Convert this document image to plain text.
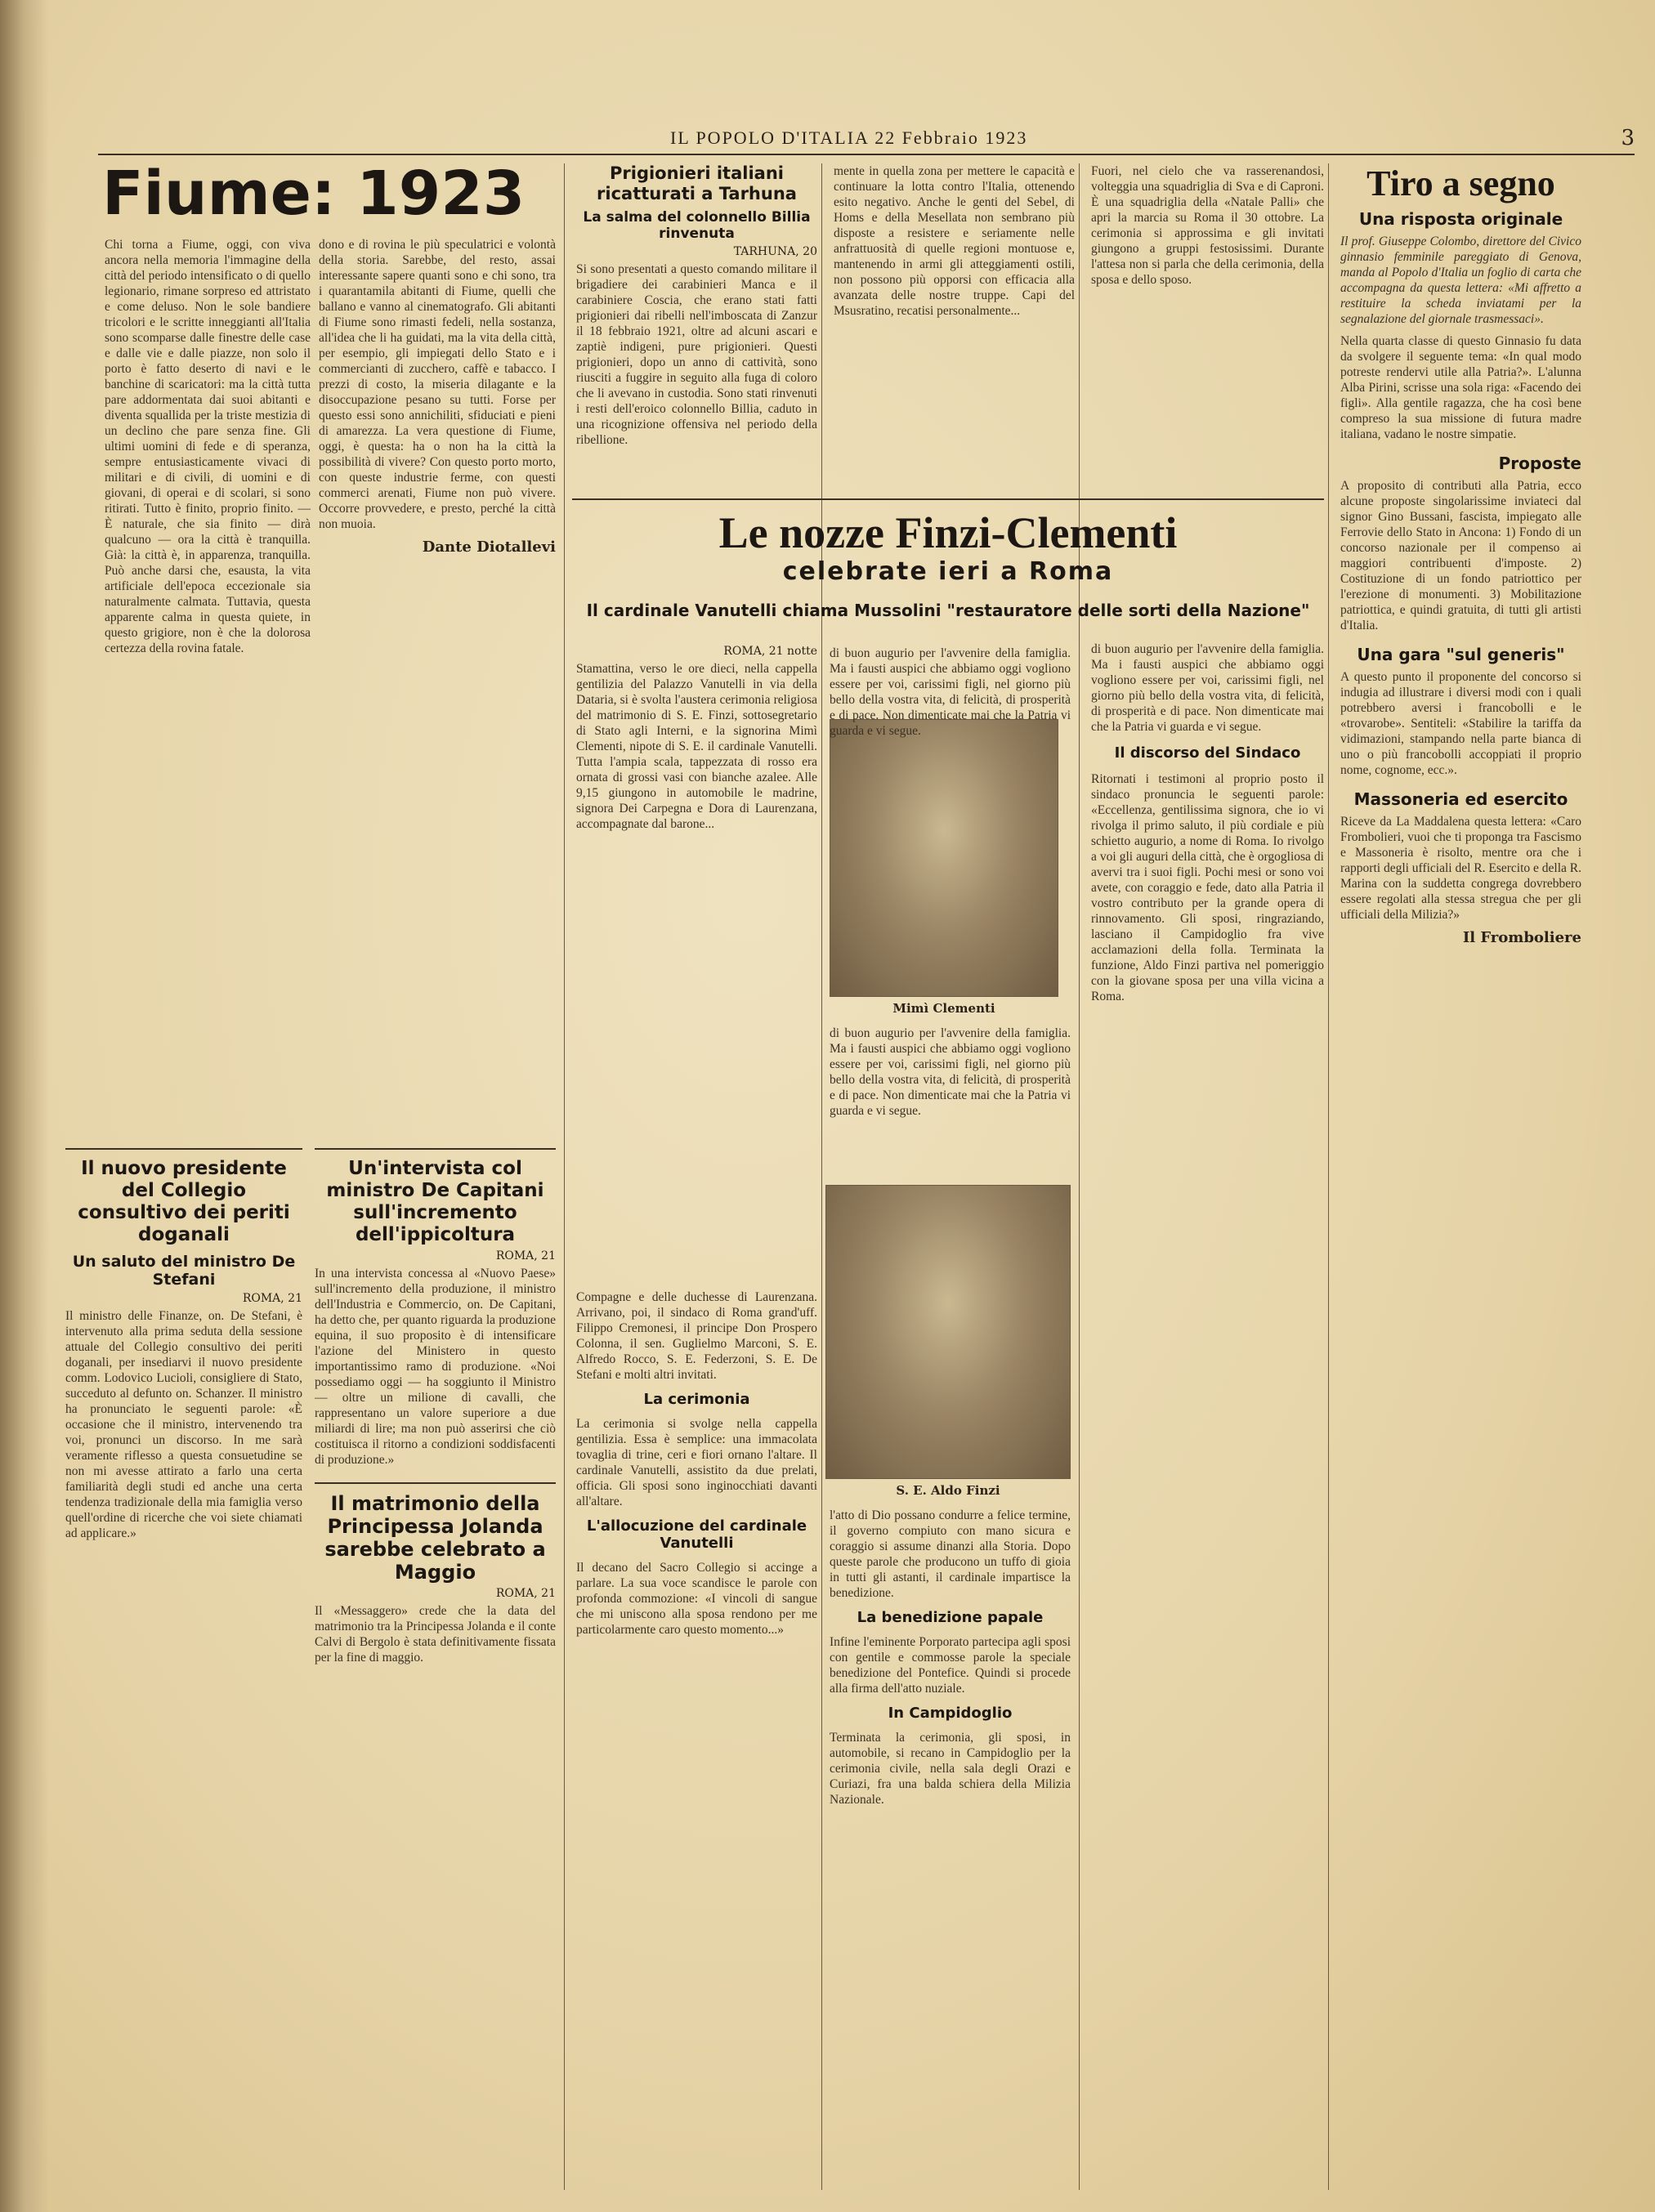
IL POPOLO D'ITALIA 22 Febbraio 1923	3
Fiume: 1923
Chi torna a Fiume, oggi, con viva ancora nella memoria l'immagine della città del periodo intensificato o di quello legionario, rimane sorpreso ed attristato e come deluso. Non le sole bandiere tricolori e le scritte inneggianti all'Italia sono scomparse dalle finestre delle case e dalle vie e dalle piazze, non solo il porto è fatto deserto di navi e le banchine di scaricatori: ma la città tutta pare addormentata dai suoi abitanti e diventa squallida per la triste mestizia di un declino che pare senza fine. Gli ultimi uomini di fede e di speranza, sempre entusiasticamente vivaci di militari e di civili, di uomini e di giovani, di operai e di scolari, si sono ritirati. Tutto è finito, proprio finito. — È naturale, che sia finito — dirà qualcuno — ora la città è tranquilla. Già: la città è, in apparenza, tranquilla. Può anche darsi che, esausta, la vita artificiale dell'epoca eccezionale sia naturalmente calmata. Tuttavia, questa apparente calma in questa quiete, in questo grigiore, non è che la dolorosa certezza della rovina fatale.
dono e di rovina le più speculatrici e volontà della storia. Sarebbe, del resto, assai interessante sapere quanti sono e chi sono, tra i quarantamila abitanti di Fiume, quelli che ballano e vanno al cinematografo. Gli abitanti di Fiume sono rimasti fedeli, nella sostanza, all'idea che li ha guidati, ma la vita della città, per esempio, gli impiegati dello Stato e i commercianti di zucchero, caffè e tabacco. I prezzi di costo, la miseria dilagante e la disoccupazione pesano su tutti. Forse per questo essi sono annichiliti, sfiduciati e pieni di amarezza. La vera questione di Fiume, oggi, è questa: ha o non ha la città la possibilità di vivere? Con questo porto morto, con queste industrie ferme, con questi commerci arenati, Fiume non può vivere. Occorre provvedere, e presto, perché la città non muoia.
Dante Diotallevi
Il nuovo presidente del Collegio consultivo dei periti doganali
Un saluto del ministro De Stefani
ROMA, 21
Il ministro delle Finanze, on. De Stefani, è intervenuto alla prima seduta della sessione attuale del Collegio consultivo dei periti doganali, per insediarvi il nuovo presidente comm. Lodovico Lucioli, consigliere di Stato, succeduto al defunto on. Schanzer. Il ministro ha pronunciato le seguenti parole: «È occasione che il ministro, intervenendo tra voi, pronunci un discorso. In me sarà veramente riflesso a questa consuetudine se non mi avesse attirato a farlo una certa familiarità degli studi ed anche una certa tendenza tradizionale della mia famiglia verso quell'ordine di ricerche che voi siete chiamati ad applicare.»
Un'intervista col ministro De Capitani sull'incremento dell'ippicoltura
ROMA, 21
In una intervista concessa al «Nuovo Paese» sull'incremento della produzione, il ministro dell'Industria e Commercio, on. De Capitani, ha detto che, per quanto riguarda la produzione equina, il suo proposito è di intensificare l'azione del Ministero in questo importantissimo ramo di produzione. «Noi possediamo oggi — ha soggiunto il Ministro — oltre un milione di cavalli, che rappresentano un valore superiore a due miliardi di lire; ma non può asserirsi che ciò costituisca il ritorno a condizioni soddisfacenti di produzione.»
Il matrimonio della Principessa Jolanda sarebbe celebrato a Maggio
ROMA, 21
Il «Messaggero» crede che la data del matrimonio tra la Principessa Jolanda e il conte Calvi di Bergolo è stata definitivamente fissata per la fine di maggio.
Prigionieri italiani ricatturati a Tarhuna
La salma del colonnello Billia rinvenuta
TARHUNA, 20
Si sono presentati a questo comando militare il brigadiere dei carabinieri Manca e il carabiniere Coscia, che erano stati fatti prigionieri dai ribelli nell'imboscata di Zanzur il 18 febbraio 1921, oltre ad alcuni ascari e zaptiè indigeni, pure prigionieri. Questi prigionieri, dopo un anno di cattività, sono riusciti a fuggire in seguito alla fuga di coloro che li avevano in custodia. Sono stati rinvenuti i resti dell'eroico colonnello Billia, caduto in una ricognizione offensiva nel periodo della ribellione.
mente in quella zona per mettere le capacità e continuare la lotta contro l'Italia, ottenendo esito negativo. Anche le genti del Sebel, di Homs e della Mesellata non sembrano più disposte a resistere e seriamente nelle anfrattuosità di quelle regioni montuose e, mantenendo in armi gli atteggiamenti ostili, non possono più opporsi con efficacia alla avanzata delle nostre truppe. Capi del Msusratino, recatisi personalmente...
Fuori, nel cielo che va rasserenandosi, volteggia una squadriglia di Sva e di Caproni. È una squadriglia della «Natale Palli» che apri la marcia su Roma il 30 ottobre. La cerimonia si approssima e gli invitati giungono a gruppi festosissimi. Durante l'attesa non si parla che della cerimonia, della sposa e dello sposo.
Le nozze Finzi-Clementi
celebrate ieri a Roma
Il cardinale Vanutelli chiama Mussolini "restauratore delle sorti della Nazione"
ROMA, 21 notte
Stamattina, verso le ore dieci, nella cappella gentilizia del Palazzo Vanutelli in via della Dataria, si è svolta l'austera cerimonia religiosa del matrimonio di S. E. Finzi, sottosegretario di Stato agli Interni, e la signorina Mimì Clementi, nipote di S. E. il cardinale Vanutelli. Tutta l'ampia scala, tappezzata di rosso era ornata di grossi vasi con bianche azalee. Alle 9,15 giungono in automobile le madrine, signora Dei Carpegna e Dora di Laurenzana, accompagnate dal barone...
Compagne e delle duchesse di Laurenzana. Arrivano, poi, il sindaco di Roma grand'uff. Filippo Cremonesi, il principe Don Prospero Colonna, il sen. Guglielmo Marconi, S. E. Alfredo Rocco, S. E. Federzoni, S. E. De Stefani e molti altri invitati.
La cerimonia
La cerimonia si svolge nella cappella gentilizia. Essa è semplice: una immacolata tovaglia di trine, ceri e fiori ornano l'altare. Il cardinale Vanutelli, assistito da due prelati, officia. Gli sposi sono inginocchiati davanti all'altare.
L'allocuzione del cardinale Vanutelli
Il decano del Sacro Collegio si accinge a parlare. La sua voce scandisce le parole con profonda commozione: «I vincoli di sangue che mi uniscono alla sposa rendono per me particolarmente caro questo momento...»
Mimì Clementi
S. E. Aldo Finzi
di buon augurio per l'avvenire della famiglia. Ma i fausti auspici che abbiamo oggi vogliono essere per voi, carissimi figli, nel giorno più bello della vostra vita, di felicità, di prosperità e di pace. Non dimenticate mai che la Patria vi guarda e vi segue.
di buon augurio per l'avvenire della famiglia. Ma i fausti auspici che abbiamo oggi vogliono essere per voi, carissimi figli, nel giorno più bello della vostra vita, di felicità, di prosperità e di pace. Non dimenticate mai che la Patria vi guarda e vi segue.
l'atto di Dio possano condurre a felice termine, il governo compiuto con mano sicura e coraggio si assume dinanzi alla Storia. Dopo queste parole che producono un tuffo di gioia in tutti gli astanti, il cardinale impartisce la benedizione.
La benedizione papale
Infine l'eminente Porporato partecipa agli sposi con gentile e commosse parole la speciale benedizione del Pontefice. Quindi si procede alla firma dell'atto nuziale.
In Campidoglio
Terminata la cerimonia, gli sposi, in automobile, si recano in Campidoglio per la cerimonia civile, nella sala degli Orazi e Curiazi, fra una balda schiera della Milizia Nazionale.
di buon augurio per l'avvenire della famiglia. Ma i fausti auspici che abbiamo oggi vogliono essere per voi, carissimi figli, nel giorno più bello della vostra vita, di felicità, di prosperità e di pace. Non dimenticate mai che la Patria vi guarda e vi segue.
Il discorso del Sindaco
Ritornati i testimoni al proprio posto il sindaco pronuncia le seguenti parole: «Eccellenza, gentilissima signora, che io vi rivolga il primo saluto, il più cordiale e più schietto augurio, a nome di Roma. Io rivolgo a voi gli auguri della città, che è orgogliosa di avervi tra i suoi figli. Pochi mesi or sono voi avete, con coraggio e fede, dato alla Patria il vostro contributo per la grande opera di rinnovamento. Gli sposi, ringraziando, lasciano il Campidoglio fra vive acclamazioni della folla. Terminata la funzione, Aldo Finzi partiva nel pomeriggio con la giovane sposa per una villa vicina a Roma.
Tiro a segno
Una risposta originale
Il prof. Giuseppe Colombo, direttore del Civico ginnasio femminile pareggiato di Genova, manda al Popolo d'Italia un foglio di carta che accompagna da questa lettera: «Mi affretto a restituire la scheda inviatami per la segnalazione del giornale trasmessaci».
Nella quarta classe di questo Ginnasio fu data da svolgere il seguente tema: «In qual modo potreste rendervi utile alla Patria?». L'alunna Alba Pirini, scrisse una sola riga: «Facendo dei figli». Alla gentile ragazza, che ha così bene compreso la sua missione di futura madre italiana, vadano le nostre simpatie.
Proposte
A proposito di contributi alla Patria, ecco alcune proposte singolarissime inviateci dal signor Gino Bussani, fascista, impiegato alle Ferrovie dello Stato in Ancona: 1) Fondo di un concorso nazionale per il compenso ai maggiori contribuenti d'imposte. 2) Costituzione di un fondo patriottico per l'erezione di monumenti. 3) Mobilitazione patriottica, e quindi gratuita, di tutti gli artisti d'Italia.
Una gara "sul generis"
A questo punto il proponente del concorso si indugia ad illustrare i diversi modi con i quali potrebbero aversi i francobolli e le «trovarobe». Sentiteli: «Stabilire la tariffa da vidimazioni, stampando nella parte bianca di uno o più francobolli accoppiati il proprio nome, cognome, ecc.».
Massoneria ed esercito
Riceve da La Maddalena questa lettera: «Caro Frombolieri, vuoi che ti proponga tra Fascismo e Massoneria è risolto, mentre ora che i rapporti degli ufficiali del R. Esercito e della R. Marina con la suddetta congrega dovrebbero essere regolati alla stessa stregua che per gli ufficiali della Milizia?»
Il Fromboliere
